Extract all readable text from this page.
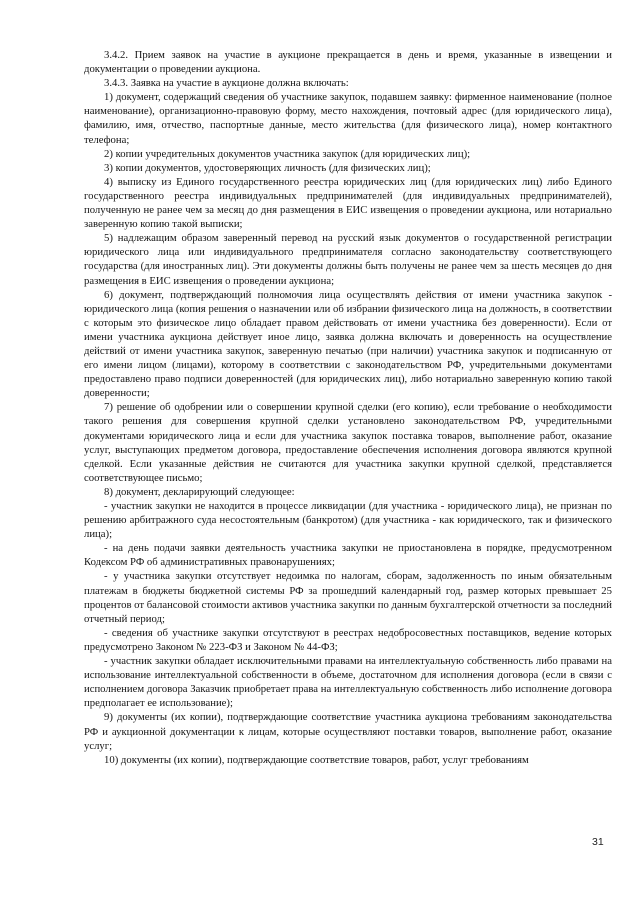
3.4.2. Прием заявок на участие в аукционе прекращается в день и время, указанные в извещении и документации о проведении аукциона.

3.4.3. Заявка на участие в аукционе должна включать:

1) документ, содержащий сведения об участнике закупок, подавшем заявку: фирменное наименование (полное наименование), организационно-правовую форму, место нахождения, почтовый адрес (для юридического лица), фамилию, имя, отчество, паспортные данные, место жительства (для физического лица), номер контактного телефона;

2) копии учредительных документов участника закупок (для юридических лиц);

3) копии документов, удостоверяющих личность (для физических лиц);

4) выписку из Единого государственного реестра юридических лиц (для юридических лиц) либо Единого государственного реестра индивидуальных предпринимателей (для индивидуальных предпринимателей), полученную не ранее чем за месяц до дня размещения в ЕИС извещения о проведении аукциона, или нотариально заверенную копию такой выписки;

5) надлежащим образом заверенный перевод на русский язык документов о государственной регистрации юридического лица или индивидуального предпринимателя согласно законодательству соответствующего государства (для иностранных лиц). Эти документы должны быть получены не ранее чем за шесть месяцев до дня размещения в ЕИС извещения о проведении аукциона;

6) документ, подтверждающий полномочия лица осуществлять действия от имени участника закупок - юридического лица (копия решения о назначении или об избрании физического лица на должность, в соответствии с которым это физическое лицо обладает правом действовать от имени участника без доверенности). Если от имени участника аукциона действует иное лицо, заявка должна включать и доверенность на осуществление действий от имени участника закупок, заверенную печатью (при наличии) участника закупок и подписанную от его имени лицом (лицами), которому в соответствии с законодательством РФ, учредительными документами предоставлено право подписи доверенностей (для юридических лиц), либо нотариально заверенную копию такой доверенности;

7) решение об одобрении или о совершении крупной сделки (его копию), если требование о необходимости такого решения для совершения крупной сделки установлено законодательством РФ, учредительными документами юридического лица и если для участника закупок поставка товаров, выполнение работ, оказание услуг, выступающих предметом договора, предоставление обеспечения исполнения договора являются крупной сделкой. Если указанные действия не считаются для участника закупки крупной сделкой, представляется соответствующее письмо;

8) документ, декларирующий следующее:

- участник закупки не находится в процессе ликвидации (для участника - юридического лица), не признан по решению арбитражного суда несостоятельным (банкротом) (для участника - как юридического, так и физического лица);

- на день подачи заявки деятельность участника закупки не приостановлена в порядке, предусмотренном Кодексом РФ об административных правонарушениях;

- у участника закупки отсутствует недоимка по налогам, сборам, задолженность по иным обязательным платежам в бюджеты бюджетной системы РФ за прошедший календарный год, размер которых превышает 25 процентов от балансовой стоимости активов участника закупки по данным бухгалтерской отчетности за последний отчетный период;

- сведения об участнике закупки отсутствуют в реестрах недобросовестных поставщиков, ведение которых предусмотрено Законом № 223-ФЗ и Законом № 44-ФЗ;

- участник закупки обладает исключительными правами на интеллектуальную собственность либо правами на использование интеллектуальной собственности в объеме, достаточном для исполнения договора (если в связи с исполнением договора Заказчик приобретает права на интеллектуальную собственность либо исполнение договора предполагает ее использование);

9) документы (их копии), подтверждающие соответствие участника аукциона требованиям законодательства РФ и аукционной документации к лицам, которые осуществляют поставки товаров, выполнение работ, оказание услуг;

10) документы (их копии), подтверждающие соответствие товаров, работ, услуг требованиям

31
